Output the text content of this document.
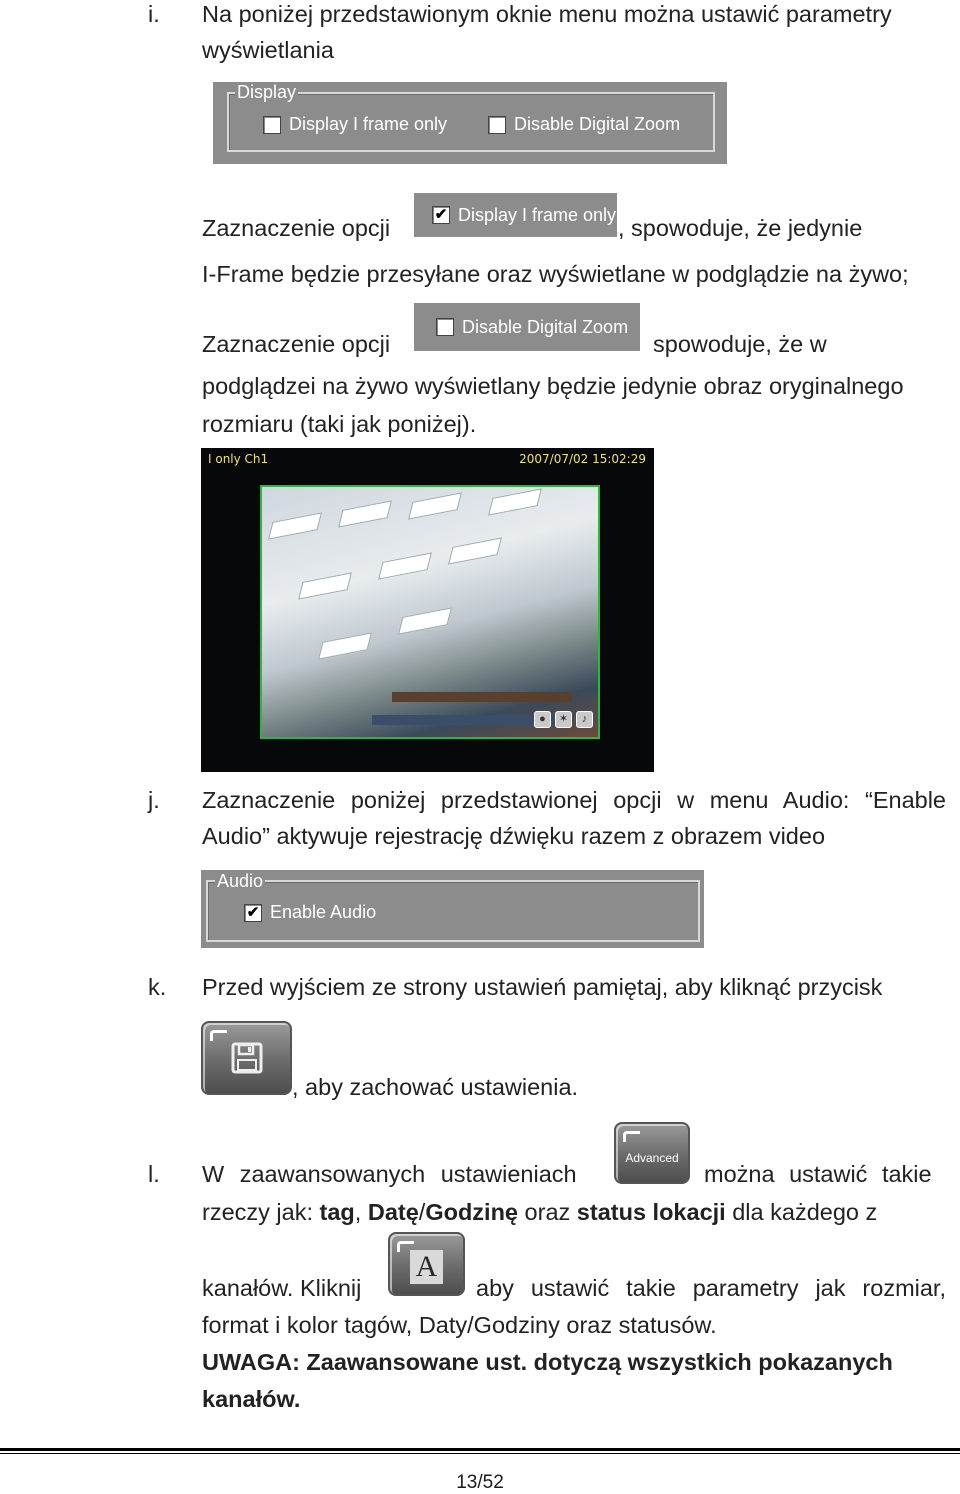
i. Na poniżej przedstawionym oknie menu można ustawić parametry
wyświetlania
Display
Display I frame only	Disable Digital Zoom
Zaznaczenie opcji
✔ Display I frame only
, spowoduje, że jedynie
I-Frame będzie przesyłane oraz wyświetlane w podglądzie na żywo;
Zaznaczenie opcji
Disable Digital Zoom
spowoduje, że w
podglądzei na żywo wyświetlany będzie jedynie obraz oryginalnego
rozmiaru (taki jak poniżej).
I only Ch1	2007/07/02 15:02:29
●	✶	♪
j. Zaznaczenie poniżej przedstawionej opcji w menu Audio: “Enable
Audio” aktywuje rejestrację dźwięku razem z obrazem video
Audio
✔ Enable Audio
k. Przed wyjściem ze strony ustawień pamiętaj, aby kliknąć przycisk
, aby zachować ustawienia.
l. W zaawansowanych ustawieniach
Advanced
można ustawić takie
rzeczy jak: tag, Datę/Godzinę oraz status lokacji dla każdego z
kanałów. Kliknij
A
aby ustawić takie parametry jak rozmiar,
format i kolor tagów, Daty/Godziny oraz statusów.
UWAGA: Zaawansowane ust. dotyczą wszystkich pokazanych
kanałów.
13/52
